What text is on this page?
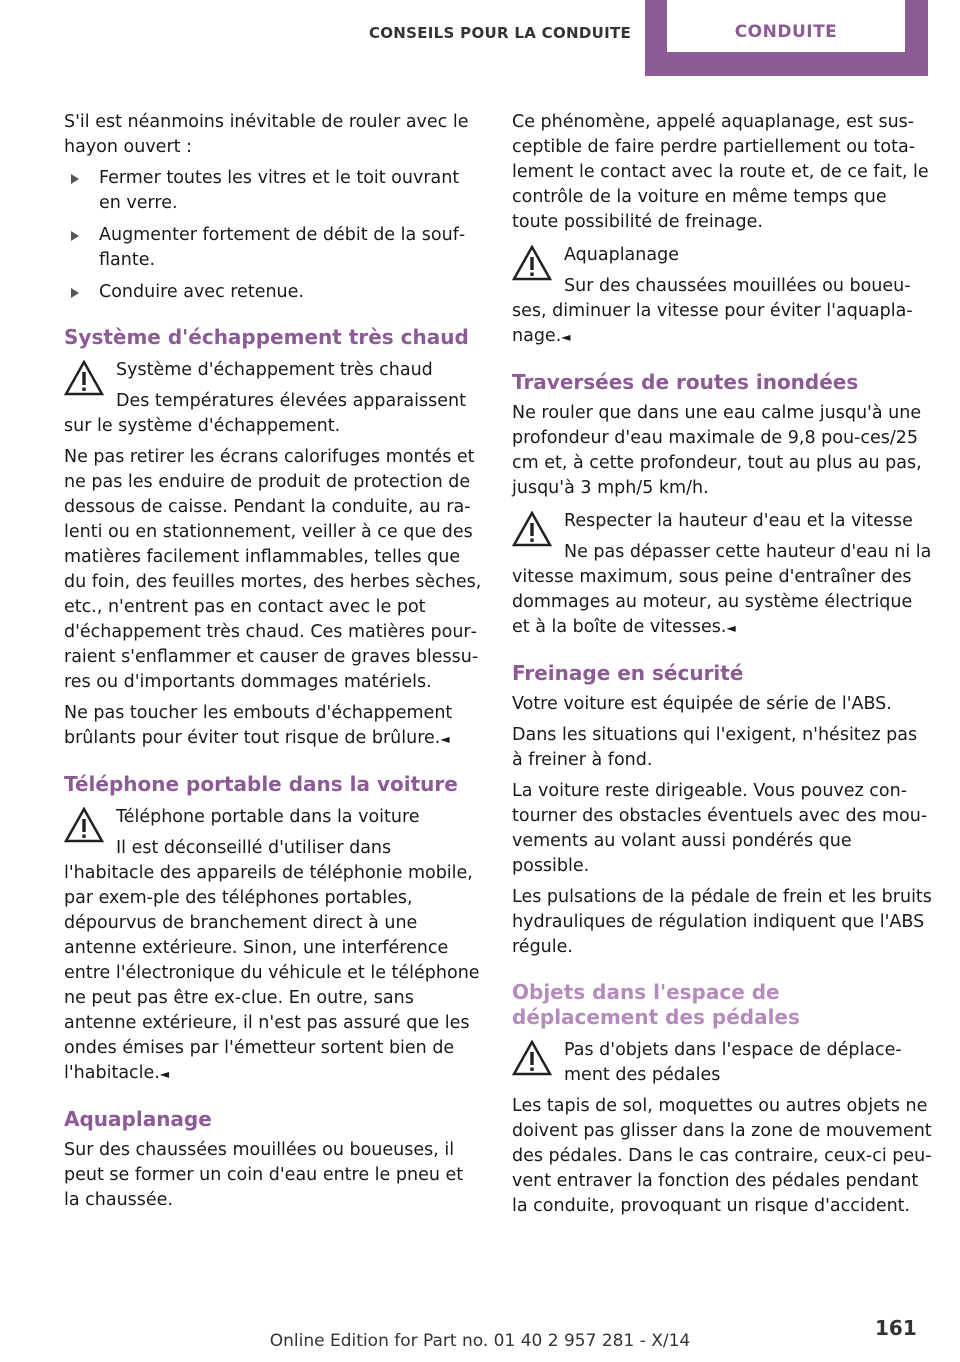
CONSEILS POUR LA CONDUITE	CONDUITE

S'il est néanmoins inévitable de rouler avec le hayon ouvert :

Fermer toutes les vitres et le toit ouvrant en verre.
Augmenter fortement de débit de la souf‐flante.
Conduire avec retenue.
Système d'échappement très chaud
Système d'échappement très chaud
Des températures élevées apparaissent sur le système d'échappement.

Ne pas retirer les écrans calorifuges montés et ne pas les enduire de produit de protection de dessous de caisse. Pendant la conduite, au ra‐lenti ou en stationnement, veiller à ce que des matières facilement inflammables, telles que du foin, des feuilles mortes, des herbes sèches, etc., n'entrent pas en contact avec le pot d'échappement très chaud. Ces matières pour‐raient s'enflammer et causer de graves blessu‐res ou d'importants dommages matériels.

Ne pas toucher les embouts d'échappement brûlants pour éviter tout risque de brûlure.◄

Téléphone portable dans la voiture
Téléphone portable dans la voiture
Il est déconseillé d'utiliser dans l'habitacle des appareils de téléphonie mobile, par exem‐ple des téléphones portables, dépourvus de branchement direct à une antenne extérieure. Sinon, une interférence entre l'électronique du véhicule et le téléphone ne peut pas être ex‐clue. En outre, sans antenne extérieure, il n'est pas assuré que les ondes émises par l'émetteur sortent bien de l'habitacle.◄
Aquaplanage

Sur des chaussées mouillées ou boueuses, il peut se former un coin d'eau entre le pneu et la chaussée.

Ce phénomène, appelé aquaplanage, est sus‐ceptible de faire perdre partiellement ou tota‐lement le contact avec la route et, de ce fait, le contrôle de la voiture en même temps que toute possibilité de freinage.

Aquaplanage
Sur des chaussées mouillées ou boueu‐ses, diminuer la vitesse pour éviter l'aquapla‐nage.◄
Traversées de routes inondées

Ne rouler que dans une eau calme jusqu'à une profondeur d'eau maximale de 9,8 pou‐ces/25 cm et, à cette profondeur, tout au plus au pas, jusqu'à 3 mph/5 km/h.

Respecter la hauteur d'eau et la vitesse
Ne pas dépasser cette hauteur d'eau ni la vitesse maximum, sous peine d'entraîner des dommages au moteur, au système électrique et à la boîte de vitesses.◄
Freinage en sécurité

Votre voiture est équipée de série de l'ABS.

Dans les situations qui l'exigent, n'hésitez pas à freiner à fond.

La voiture reste dirigeable. Vous pouvez con‐tourner des obstacles éventuels avec des mou‐vements au volant aussi pondérés que possible.

Les pulsations de la pédale de frein et les bruits hydrauliques de régulation indiquent que l'ABS régule.

Objets dans l'espace de déplacement des pédales
Pas d'objets dans l'espace de déplace‐ment des pédales

Les tapis de sol, moquettes ou autres objets ne doivent pas glisser dans la zone de mouvement des pédales. Dans le cas contraire, ceux-ci peu‐vent entraver la fonction des pédales pendant la conduite, provoquant un risque d'accident.

Online Edition for Part no. 01 40 2 957 281 - X/14
161
